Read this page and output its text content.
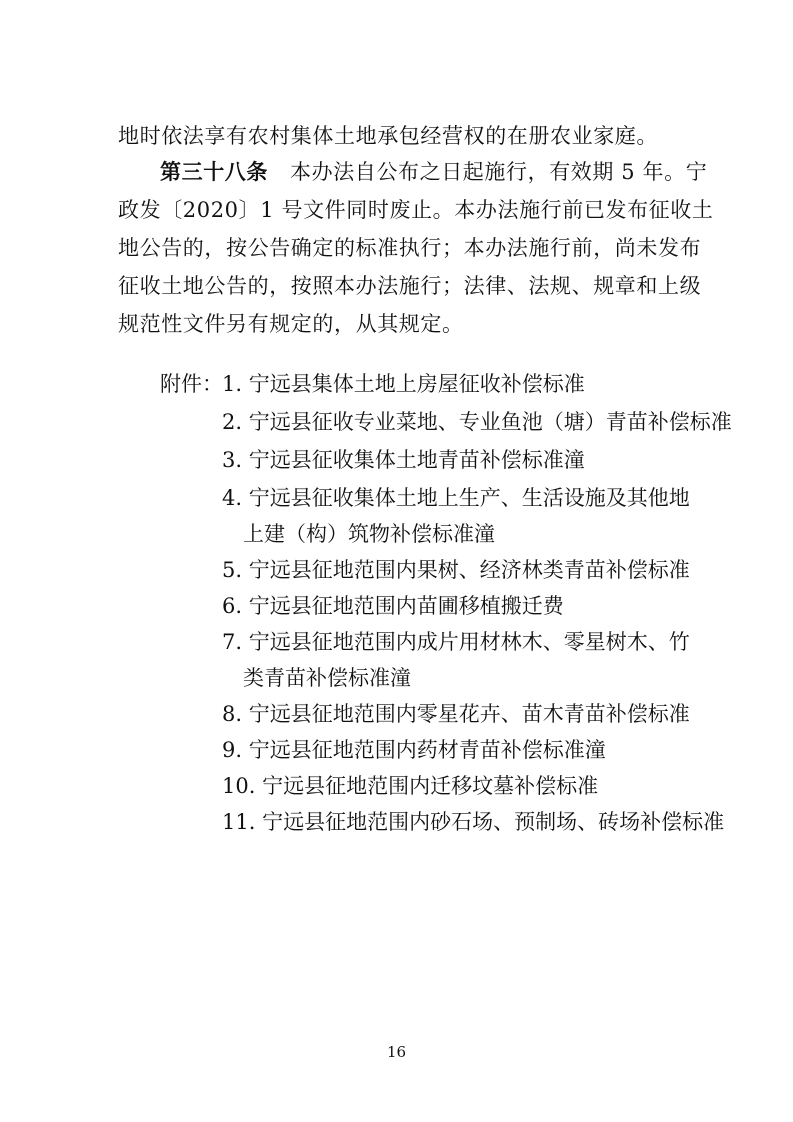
地时依法享有农村集体土地承包经营权的在册农业家庭。
第三十八条 本办法自公布之日起施行，有效期 5 年。宁
政发〔2020〕1 号文件同时废止。本办法施行前已发布征收土
地公告的，按公告确定的标准执行；本办法施行前，尚未发布
征收土地公告的，按照本办法施行；法律、法规、规章和上级
规范性文件另有规定的，从其规定。
附件： 1. 宁远县集体土地上房屋征收补偿标准
2. 宁远县征收专业菜地、专业鱼池（塘）青苗补偿标准
3. 宁远县征收集体土地青苗补偿标准潼
4. 宁远县征收集体土地上生产、生活设施及其他地
上建（构）筑物补偿标准潼
5. 宁远县征地范围内果树、经济林类青苗补偿标准
6. 宁远县征地范围内苗圃移植搬迁费
7. 宁远县征地范围内成片用材林木、零星树木、竹
类青苗补偿标准潼
8. 宁远县征地范围内零星花卉、苗木青苗补偿标准
9. 宁远县征地范围内药材青苗补偿标准潼
10. 宁远县征地范围内迁移坟墓补偿标准
11. 宁远县征地范围内砂石场、预制场、砖场补偿标准
16
